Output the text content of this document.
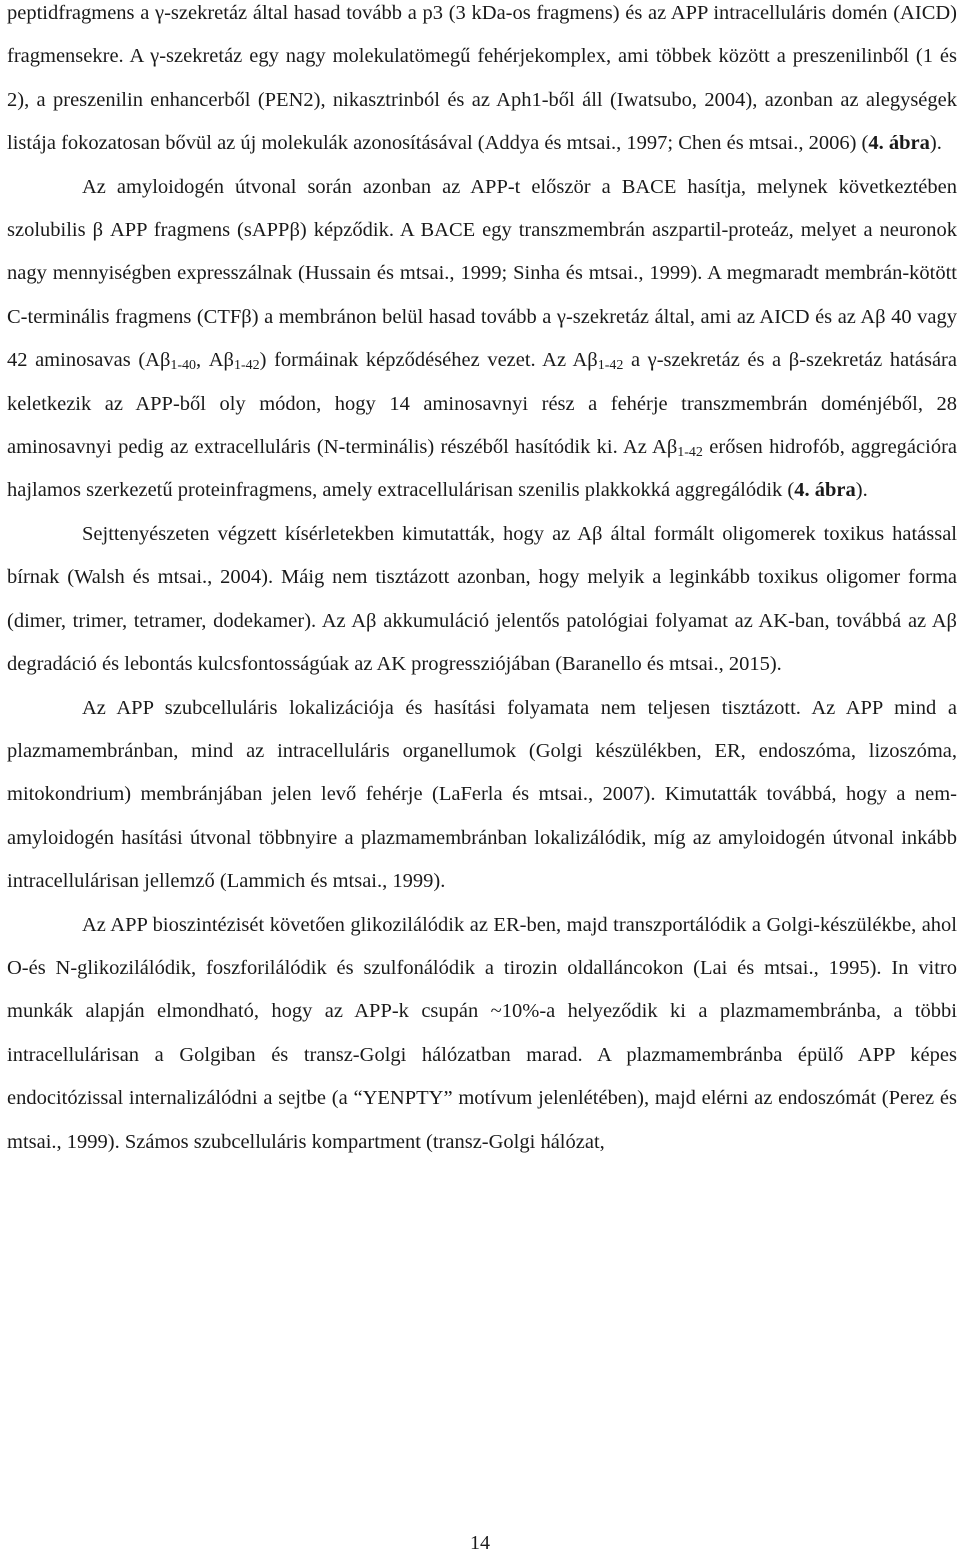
peptidfragmens a γ-szekretáz által hasad tovább a p3 (3 kDa-os fragmens) és az APP intracelluláris domén (AICD) fragmensekre. A γ-szekretáz egy nagy molekulatömegű fehérjekomplex, ami többek között a preszenilinből (1 és 2), a preszenilin enhancerből (PEN2), nikasztrinból és az Aph1-ből áll (Iwatsubo, 2004), azonban az alegységek listája fokozatosan bővül az új molekulák azonosításával (Addya és mtsai., 1997; Chen és mtsai., 2006) (4. ábra).

Az amyloidogén útvonal során azonban az APP-t először a BACE hasítja, melynek következtében szolubilis β APP fragmens (sAPPβ) képződik. A BACE egy transzmembrán aszpartil-proteáz, melyet a neuronok nagy mennyiségben expresszálnak (Hussain és mtsai., 1999; Sinha és mtsai., 1999). A megmaradt membrán-kötött C-terminális fragmens (CTFβ) a membránon belül hasad tovább a γ-szekretáz által, ami az AICD és az Aβ 40 vagy 42 aminosavas ($A\beta_{1-40}$, $A\beta_{1-42}$) formáinak képződéséhez vezet. Az $A\beta_{1-42}$ a γ-szekretáz és a β-szekretáz hatására keletkezik az APP-ből oly módon, hogy 14 aminosavnyi rész a fehérje transzmembrán doménjéből, 28 aminosavnyi pedig az extracelluláris (N-terminális) részéből hasítódik ki. Az $A\beta_{1-42}$ erősen hidrofób, aggregációra hajlamos szerkezetű proteinfragmens, amely extracellulárisan szenilis plakkokká aggregálódik (4. ábra).

Sejttenyészeten végzett kísérletekben kimutatták, hogy az Aβ által formált oligomerek toxikus hatással bírnak (Walsh és mtsai., 2004). Máig nem tisztázott azonban, hogy melyik a leginkább toxikus oligomer forma (dimer, trimer, tetramer, dodekamer). Az Aβ akkumuláció jelentős patológiai folyamat az AK-ban, továbbá az Aβ degradáció és lebontás kulcsfontosságúak az AK progressziójában (Baranello és mtsai., 2015).

Az APP szubcelluláris lokalizációja és hasítási folyamata nem teljesen tisztázott. Az APP mind a plazmamembránban, mind az intracelluláris organellumok (Golgi készülékben, ER, endoszóma, lizoszóma, mitokondrium) membránjában jelen levő fehérje (LaFerla és mtsai., 2007). Kimutatták továbbá, hogy a nem-amyloidogén hasítási útvonal többnyire a plazmamembránban lokalizálódik, míg az amyloidogén útvonal inkább intracellulárisan jellemző (Lammich és mtsai., 1999).

Az APP bioszintézisét követően glikozilálódik az ER-ben, majd transzportálódik a Golgi-készülékbe, ahol O-és N-glikozilálódik, foszforilálódik és szulfonálódik a tirozin oldalláncokon (Lai és mtsai., 1995). In vitro munkák alapján elmondható, hogy az APP-k csupán ~10%-a helyeződik ki a plazmamembránba, a többi intracellulárisan a Golgiban és transz-Golgi hálózatban marad. A plazmamembránba épülő APP képes endocitózissal internalizálódni a sejtbe (a “YENPTY” motívum jelenlétében), majd elérni az endoszómát (Perez és mtsai., 1999). Számos szubcelluláris kompartment (transz-Golgi hálózat,

14
